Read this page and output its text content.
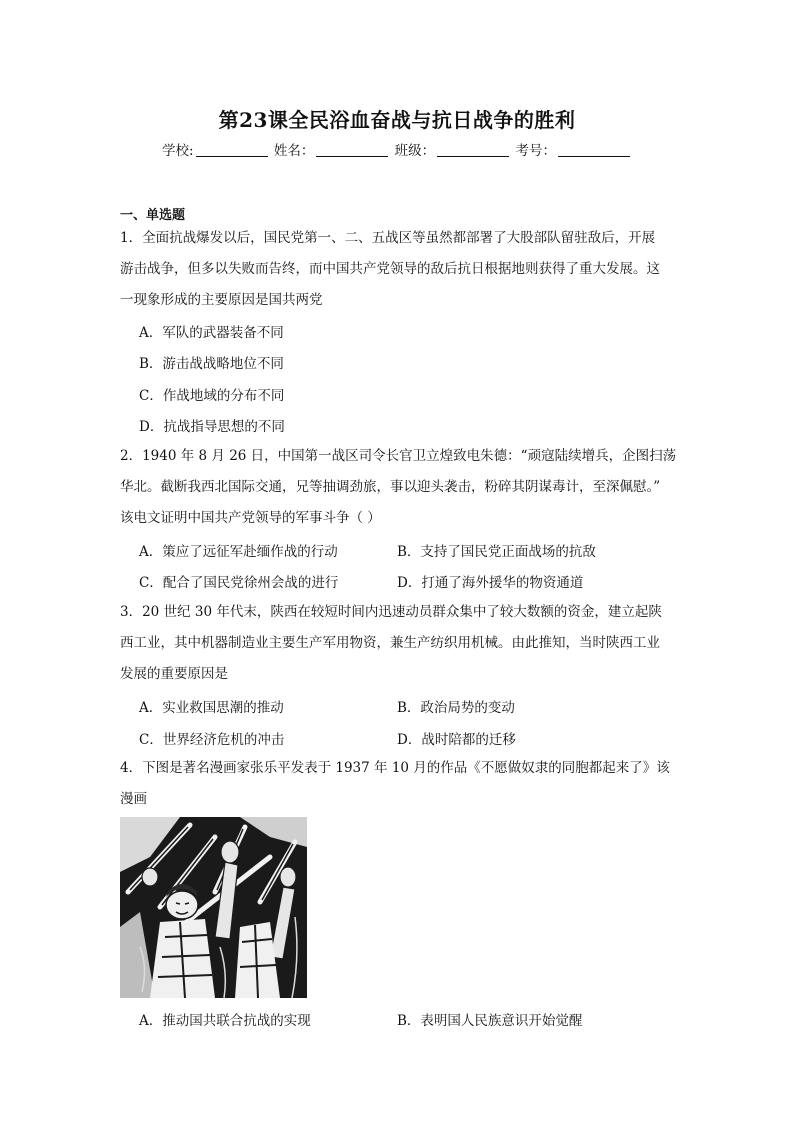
第23课全民浴血奋战与抗日战争的胜利
学校:	姓名：	班级：	考号：
一、单选题
1．全面抗战爆发以后，国民党第一、二、五战区等虽然都部署了大股部队留驻敌后，开展
游击战争，但多以失败而告终，而中国共产党领导的敌后抗日根据地则获得了重大发展。这
一现象形成的主要原因是国共两党
A．军队的武器装备不同
B．游击战战略地位不同
C．作战地域的分布不同
D．抗战指导思想的不同
2．1940 年 8 月 26 日，中国第一战区司令长官卫立煌致电朱德：“顽寇陆续增兵，企图扫荡
华北。截断我西北国际交通，兄等抽调劲旅，事以迎头袭击，粉碎其阴谋毒计，至深佩慰。”
该电文证明中国共产党领导的军事斗争（ ）
A．策应了远征军赴缅作战的行动	B．支持了国民党正面战场的抗敌
C．配合了国民党徐州会战的进行	D．打通了海外援华的物资通道
3．20 世纪 30 年代末，陕西在较短时间内迅速动员群众集中了较大数额的资金，建立起陕
西工业，其中机器制造业主要生产军用物资，兼生产纺织用机械。由此推知，当时陕西工业
发展的重要原因是
A．实业救国思潮的推动	B．政治局势的变动
C．世界经济危机的冲击	D．战时陪都的迁移
4．下图是著名漫画家张乐平发表于 1937 年 10 月的作品《不愿做奴隶的同胞都起来了》该
漫画
A．推动国共联合抗战的实现	B．表明国人民族意识开始觉醒
